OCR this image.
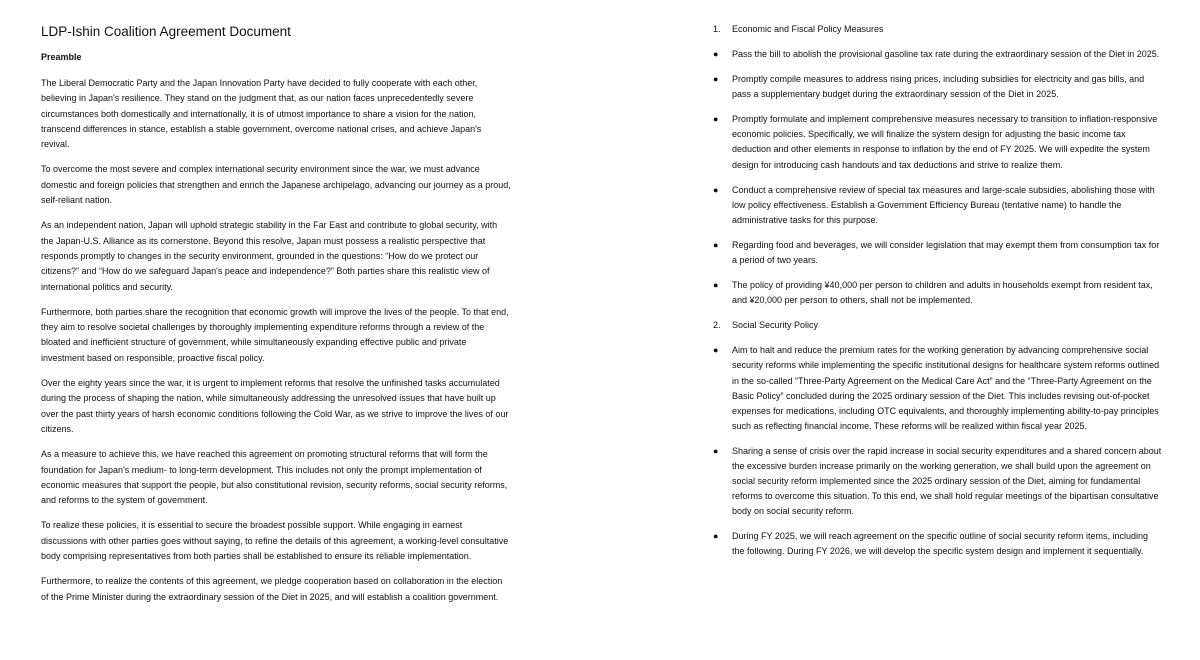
LDP-Ishin Coalition Agreement Document
Preamble

The Liberal Democratic Party and the Japan Innovation Party have decided to fully cooperate with each other, believing in Japan's resilience. They stand on the judgment that, as our nation faces unprecedentedly severe circumstances both domestically and internationally, it is of utmost importance to share a vision for the nation, transcend differences in stance, establish a stable government, overcome national crises, and achieve Japan's revival.

To overcome the most severe and complex international security environment since the war, we must advance domestic and foreign policies that strengthen and enrich the Japanese archipelago, advancing our journey as a proud, self-reliant nation.

As an independent nation, Japan will uphold strategic stability in the Far East and contribute to global security, with the Japan-U.S. Alliance as its cornerstone. Beyond this resolve, Japan must possess a realistic perspective that responds promptly to changes in the security environment, grounded in the questions: “How do we protect our citizens?” and “How do we safeguard Japan's peace and independence?” Both parties share this realistic view of international politics and security.

Furthermore, both parties share the recognition that economic growth will improve the lives of the people. To that end, they aim to resolve societal challenges by thoroughly implementing expenditure reforms through a review of the bloated and inefficient structure of government, while simultaneously expanding effective public and private investment based on responsible, proactive fiscal policy.

Over the eighty years since the war, it is urgent to implement reforms that resolve the unfinished tasks accumulated during the process of shaping the nation, while simultaneously addressing the unresolved issues that have built up over the past thirty years of harsh economic conditions following the Cold War, as we strive to improve the lives of our citizens.

As a measure to achieve this, we have reached this agreement on promoting structural reforms that will form the foundation for Japan's medium- to long-term development. This includes not only the prompt implementation of economic measures that support the people, but also constitutional revision, security reforms, social security reforms, and reforms to the system of government.

To realize these policies, it is essential to secure the broadest possible support. While engaging in earnest discussions with other parties goes without saying, to refine the details of this agreement, a working-level consultative body comprising representatives from both parties shall be established to ensure its reliable implementation.

Furthermore, to realize the contents of this agreement, we pledge cooperation based on collaboration in the election of the Prime Minister during the extraordinary session of the Diet in 2025, and will establish a coalition government.

1.	Economic and Fiscal Policy Measures
●	Pass the bill to abolish the provisional gasoline tax rate during the extraordinary session of the Diet in 2025.
●	Promptly compile measures to address rising prices, including subsidies for electricity and gas bills, and pass a supplementary budget during the extraordinary session of the Diet in 2025.
●	Promptly formulate and implement comprehensive measures necessary to transition to inflation-responsive economic policies. Specifically, we will finalize the system design for adjusting the basic income tax deduction and other elements in response to inflation by the end of FY 2025. We will expedite the system design for introducing cash handouts and tax deductions and strive to realize them.
●	Conduct a comprehensive review of special tax measures and large-scale subsidies, abolishing those with low policy effectiveness. Establish a Government Efficiency Bureau (tentative name) to handle the administrative tasks for this purpose.
●	Regarding food and beverages, we will consider legislation that may exempt them from consumption tax for a period of two years.
●	The policy of providing ¥40,000 per person to children and adults in households exempt from resident tax, and ¥20,000 per person to others, shall not be implemented.
2.	Social Security Policy
●	Aim to halt and reduce the premium rates for the working generation by advancing comprehensive social security reforms while implementing the specific institutional designs for healthcare system reforms outlined in the so-called “Three-Party Agreement on the Medical Care Act” and the “Three-Party Agreement on the Basic Policy” concluded during the 2025 ordinary session of the Diet. This includes revising out-of-pocket expenses for medications, including OTC equivalents, and thoroughly implementing ability-to-pay principles such as reflecting financial income. These reforms will be realized within fiscal year 2025.
●	Sharing a sense of crisis over the rapid increase in social security expenditures and a shared concern about the excessive burden increase primarily on the working generation, we shall build upon the agreement on social security reform implemented since the 2025 ordinary session of the Diet, aiming for fundamental reforms to overcome this situation. To this end, we shall hold regular meetings of the bipartisan consultative body on social security reform.
●	During FY 2025, we will reach agreement on the specific outline of social security reform items, including the following. During FY 2026, we will develop the specific system design and implement it sequentially.
